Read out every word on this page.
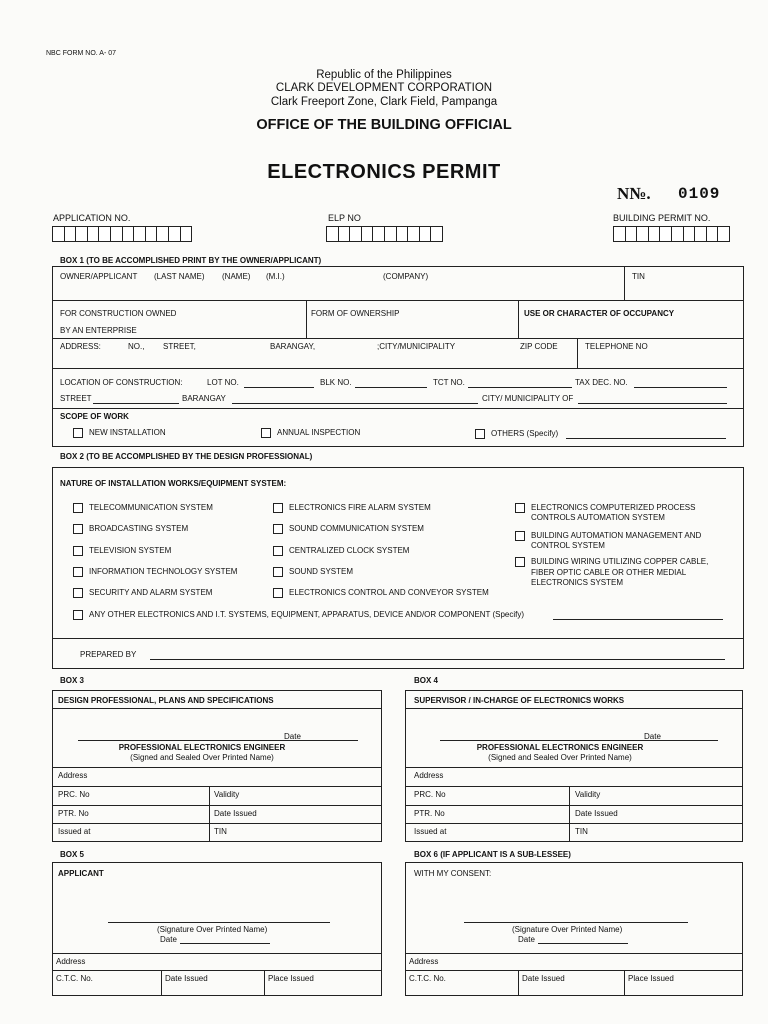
NBC FORM NO. A- 07
Republic of the Philippines
CLARK DEVELOPMENT CORPORATION
Clark Freeport Zone, Clark Field, Pampanga
OFFICE OF THE BUILDING OFFICIAL
ELECTRONICS PERMIT
N№. 0109
APPLICATION NO.	ELP NO	BUILDING PERMIT NO.
BOX 1 (TO BE ACCOMPLISHED PRINT BY THE OWNER/APPLICANT)
OWNER/APPLICANT (LAST NAME) (NAME) (M.I.)	(COMPANY)	TIN
FOR CONSTRUCTION OWNED
BY AN ENTERPRISE
FORM OF OWNERSHIP	USE OR CHARACTER OF OCCUPANCY
ADDRESS:	NO., STREET,	BARANGAY,	;CITY/MUNICIPALITY	ZIP CODE	TELEPHONE NO
LOCATION OF CONSTRUCTION:	LOT NO.	BLK NO.	TCT NO.	TAX DEC. NO.
STREET	BARANGAY	CITY/ MUNICIPALITY OF
SCOPE OF WORK
NEW INSTALLATION	ANNUAL INSPECTION	OTHERS (Specify)
BOX 2 (TO BE ACCOMPLISHED BY THE DESIGN PROFESSIONAL)
NATURE OF INSTALLATION WORKS/EQUIPMENT SYSTEM:
TELECOMMUNICATION SYSTEM
BROADCASTING SYSTEM
TELEVISION SYSTEM
INFORMATION TECHNOLOGY SYSTEM
SECURITY AND ALARM SYSTEM
ELECTRONICS FIRE ALARM SYSTEM
SOUND COMMUNICATION SYSTEM
CENTRALIZED CLOCK SYSTEM
SOUND SYSTEM
ELECTRONICS CONTROL AND CONVEYOR SYSTEM
ELECTRONICS COMPUTERIZED PROCESS
CONTROLS AUTOMATION SYSTEM
BUILDING AUTOMATION MANAGEMENT AND
CONTROL SYSTEM
BUILDING WIRING UTILIZING COPPER CABLE,
FIBER OPTIC CABLE OR OTHER MEDIAL
ELECTRONICS SYSTEM
ANY OTHER ELECTRONICS AND I.T. SYSTEMS, EQUIPMENT, APPARATUS, DEVICE AND/OR COMPONENT (Specify)
PREPARED BY
BOX 3
DESIGN PROFESSIONAL, PLANS AND SPECIFICATIONS
Date
PROFESSIONAL ELECTRONICS ENGINEER
(Signed and Sealed Over Printed Name)
Address
PRC. No	Validity
PTR. No	Date Issued
Issued at	TIN
BOX 4
SUPERVISOR / IN-CHARGE OF ELECTRONICS WORKS
Date
PROFESSIONAL ELECTRONICS ENGINEER
(Signed and Sealed Over Printed Name)
Address
PRC. No	Validity
PTR. No	Date Issued
Issued at	TIN
BOX 5
APPLICANT
(Signature Over Printed Name)
Date
Address
C.T.C. No.	Date Issued	Place Issued
BOX 6 (IF APPLICANT IS A SUB-LESSEE)
WITH MY CONSENT:
(Signature Over Printed Name)
Date
Address
C.T.C. No.	Date Issued	Place Issued
